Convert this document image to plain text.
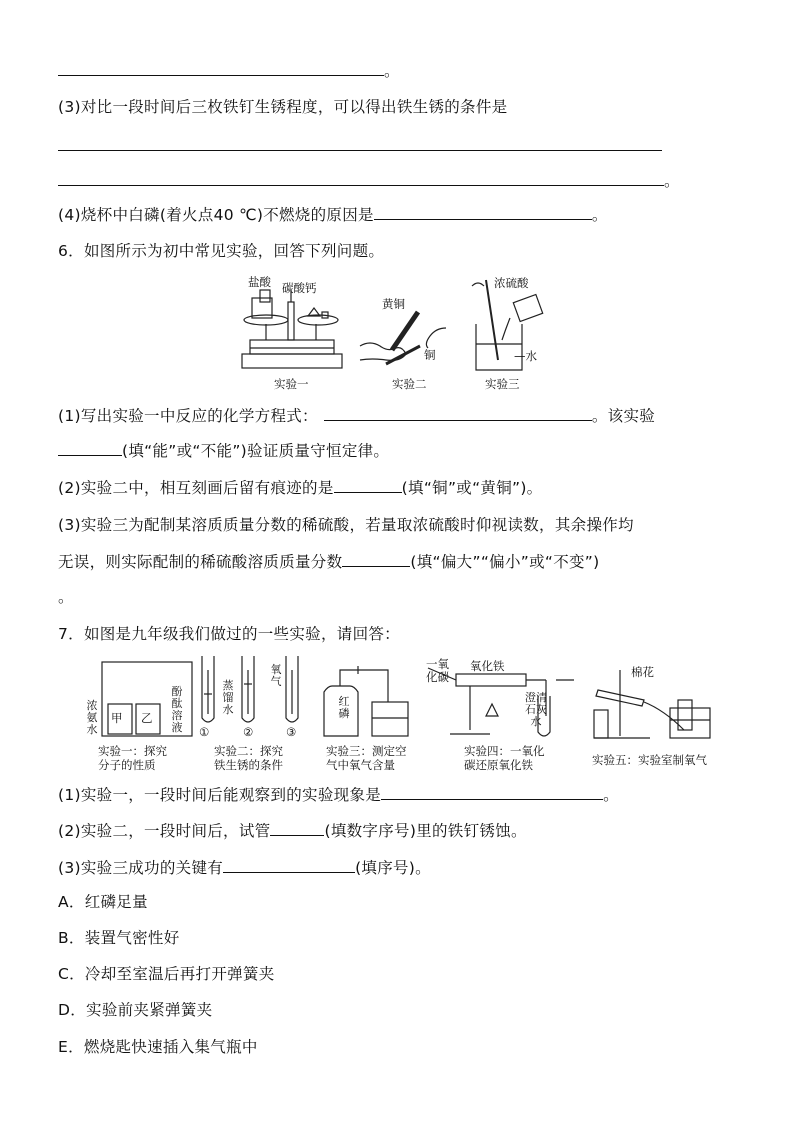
。
(3)对比一段时间后三枚铁钉生锈程度，可以得出铁生锈的条件是
。
(4)烧杯中白磷(着火点40 ℃)不燃烧的原因是	。
6．如图所示为初中常见实验，回答下列问题。
盐酸 碳酸钙
实验一
黄铜
铜
实验二
浓硫酸
—水
实验三
(1)写出实验一中反应的化学方程式：	。该实验
(填“能”或“不能”)验证质量守恒定律。
(2)实验二中，相互刻画后留有痕迹的是	(填“铜”或“黄铜”)。
(3)实验三为配制某溶质质量分数的稀硫酸，若量取浓硫酸时仰视读数，其余操作均
无误，则实际配制的稀硫酸溶质质量分数	(填“偏大”“偏小”或“不变”)
。
7．如图是九年级我们做过的一些实验，请回答：
浓氨水
甲 乙
酚酞溶液
实验一：探究
分子的性质
蒸馏水
氧气
①	②	③
实验二：探究
铁生锈的条件
红磷
实验三：测定空
气中氧气含量
一氧化碳
氧化铁
澄清石灰水
实验四：一氧化
碳还原氧化铁
棉花
实验五：实验室制氧气
(1)实验一，一段时间后能观察到的实验现象是	。
(2)实验二，一段时间后，试管	(填数字序号)里的铁钉锈蚀。
(3)实验三成功的关键有	(填序号)。
A．红磷足量
B．装置气密性好
C．冷却至室温后再打开弹簧夹
D．实验前夹紧弹簧夹
E．燃烧匙快速插入集气瓶中
